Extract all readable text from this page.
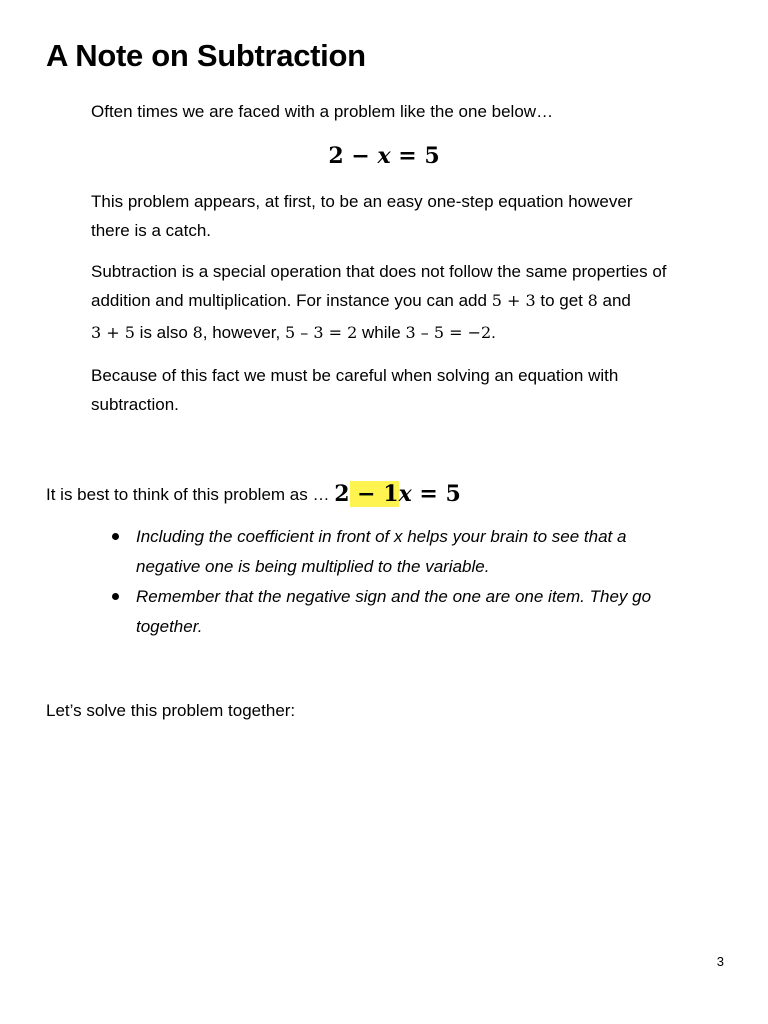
A Note on Subtraction

Often times we are faced with a problem like the one below…

2 − x = 5

This problem appears, at first, to be an easy one-step equation however

there is a catch.

Subtraction is a special operation that does not follow the same properties of

addition and multiplication. For instance you can add 5 + 3 to get 8 and

3 + 5 is also 8, however, 5 – 3 = 2 while 3 – 5 = −2.

Because of this fact we must be careful when solving an equation with

subtraction.

It is best to think of this problem as … 2 − 1x = 5

Including the coefficient in front of x helps your brain to see that a
negative one is being multiplied to the variable.
Remember that the negative sign and the one are one item. They go
together.

Let’s solve this problem together:

3
